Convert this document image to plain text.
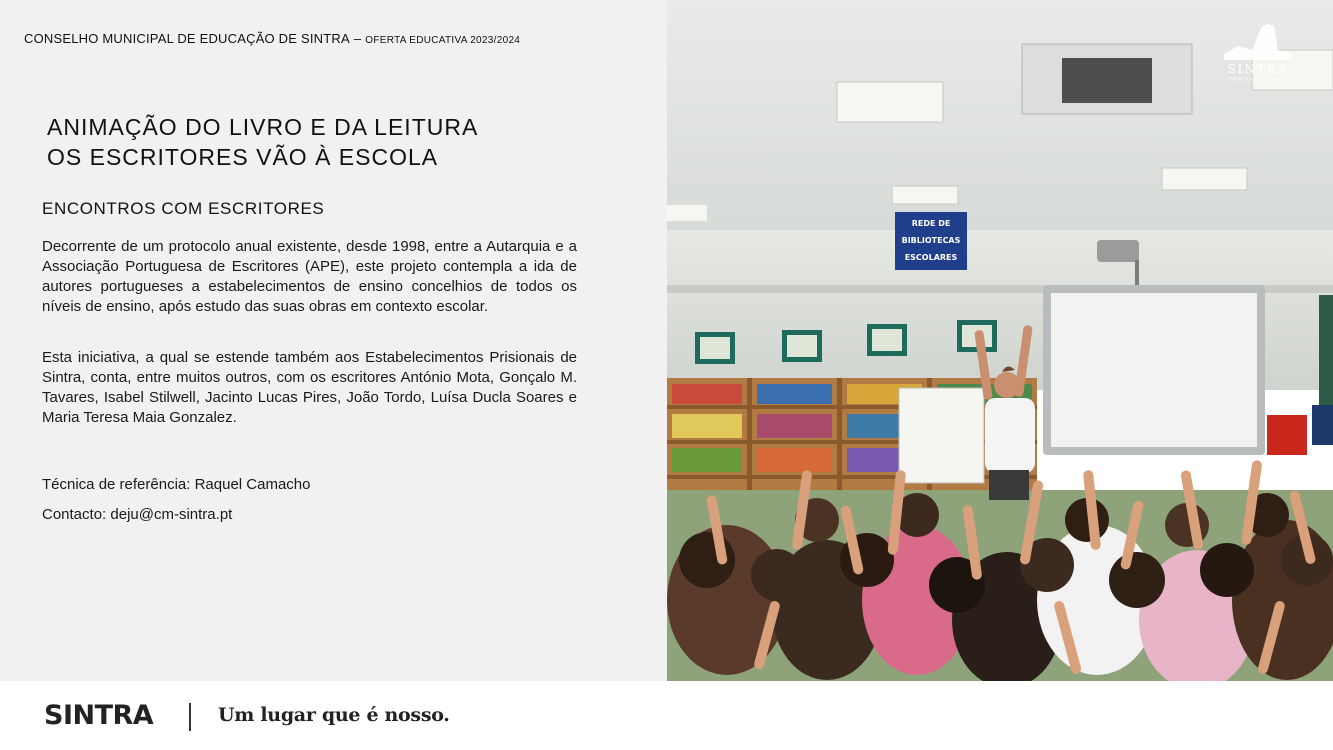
CONSELHO MUNICIPAL DE EDUCAÇÃO DE SINTRA – OFERTA EDUCATIVA 2023/2024
ANIMAÇÃO DO LIVRO E DA LEITURA
OS ESCRITORES VÃO À ESCOLA
ENCONTROS COM ESCRITORES

Decorrente de um protocolo anual existente, desde 1998, entre a Autarquia e a Associação Portuguesa de Escritores (APE), este projeto contempla a ida de autores portugueses a estabelecimentos de ensino concelhios de todos os níveis de ensino, após estudo das suas obras em contexto escolar.

Esta iniciativa, a qual se estende também aos Estabelecimentos Prisionais de Sintra, conta, entre muitos outros, com os escritores António Mota, Gonçalo M. Tavares, Isabel Stilwell, Jacinto Lucas Pires, João Tordo, Luísa Ducla Soares e Maria Teresa Maia Gonzalez.

Técnica de referência: Raquel Camacho
Contacto: deju@cm-sintra.pt
REDE DE
BIBLIOTECAS
ESCOLARES
SINTRA
CÂMARA MUNICIPAL
SINTRA	Um lugar que é nosso.
